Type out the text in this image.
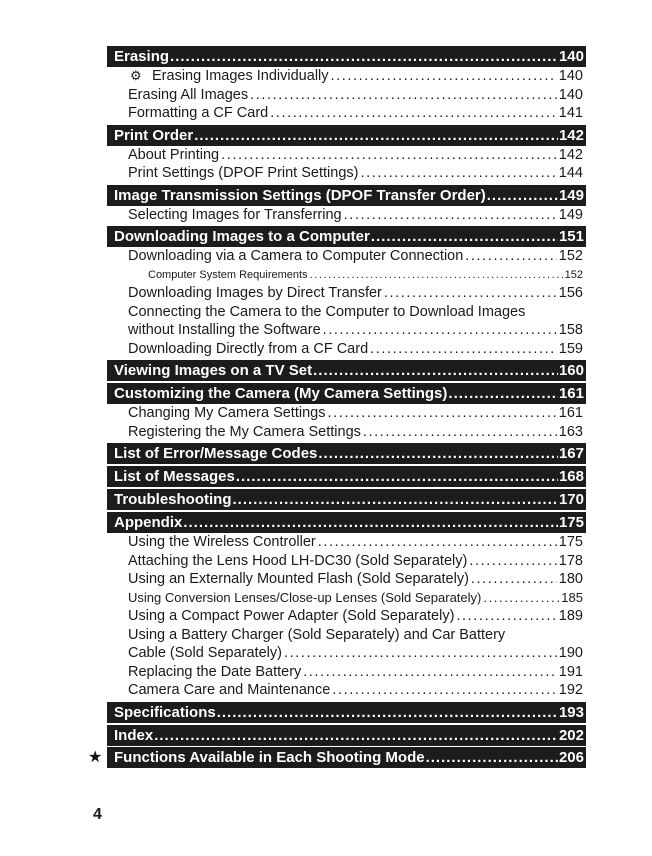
Erasing .....	140
⚙ Erasing Images Individually .....	140
Erasing All Images .....	140
Formatting a CF Card .....	141
Print Order .....	142
About Printing .....	142
Print Settings (DPOF Print Settings) .....	144
Image Transmission Settings (DPOF Transfer Order) .....	149
Selecting Images for Transferring .....	149
Downloading Images to a Computer .....	151
Downloading via a Camera to Computer Connection .....	152
Computer System Requirements .....	152
Downloading Images by Direct Transfer .....	156
Connecting the Camera to the Computer to Download Images
without Installing the Software .....	158
Downloading Directly from a CF Card .....	159
Viewing Images on a TV Set .....	160
Customizing the Camera (My Camera Settings) .....	161
Changing My Camera Settings .....	161
Registering the My Camera Settings .....	163
List of Error/Message Codes .....	167
List of Messages .....	168
Troubleshooting .....	170
Appendix .....	175
Using the Wireless Controller .....	175
Attaching the Lens Hood LH-DC30 (Sold Separately) .....	178
Using an Externally Mounted Flash (Sold Separately) .....	180
Using Conversion Lenses/Close-up Lenses (Sold Separately) .....	185
Using a Compact Power Adapter (Sold Separately) .....	189
Using a Battery Charger (Sold Separately) and Car Battery
Cable (Sold Separately) .....	190
Replacing the Date Battery .....	191
Camera Care and Maintenance .....	192
Specifications .....	193
Index .....	202
★ Functions Available in Each Shooting Mode .....	206
4
